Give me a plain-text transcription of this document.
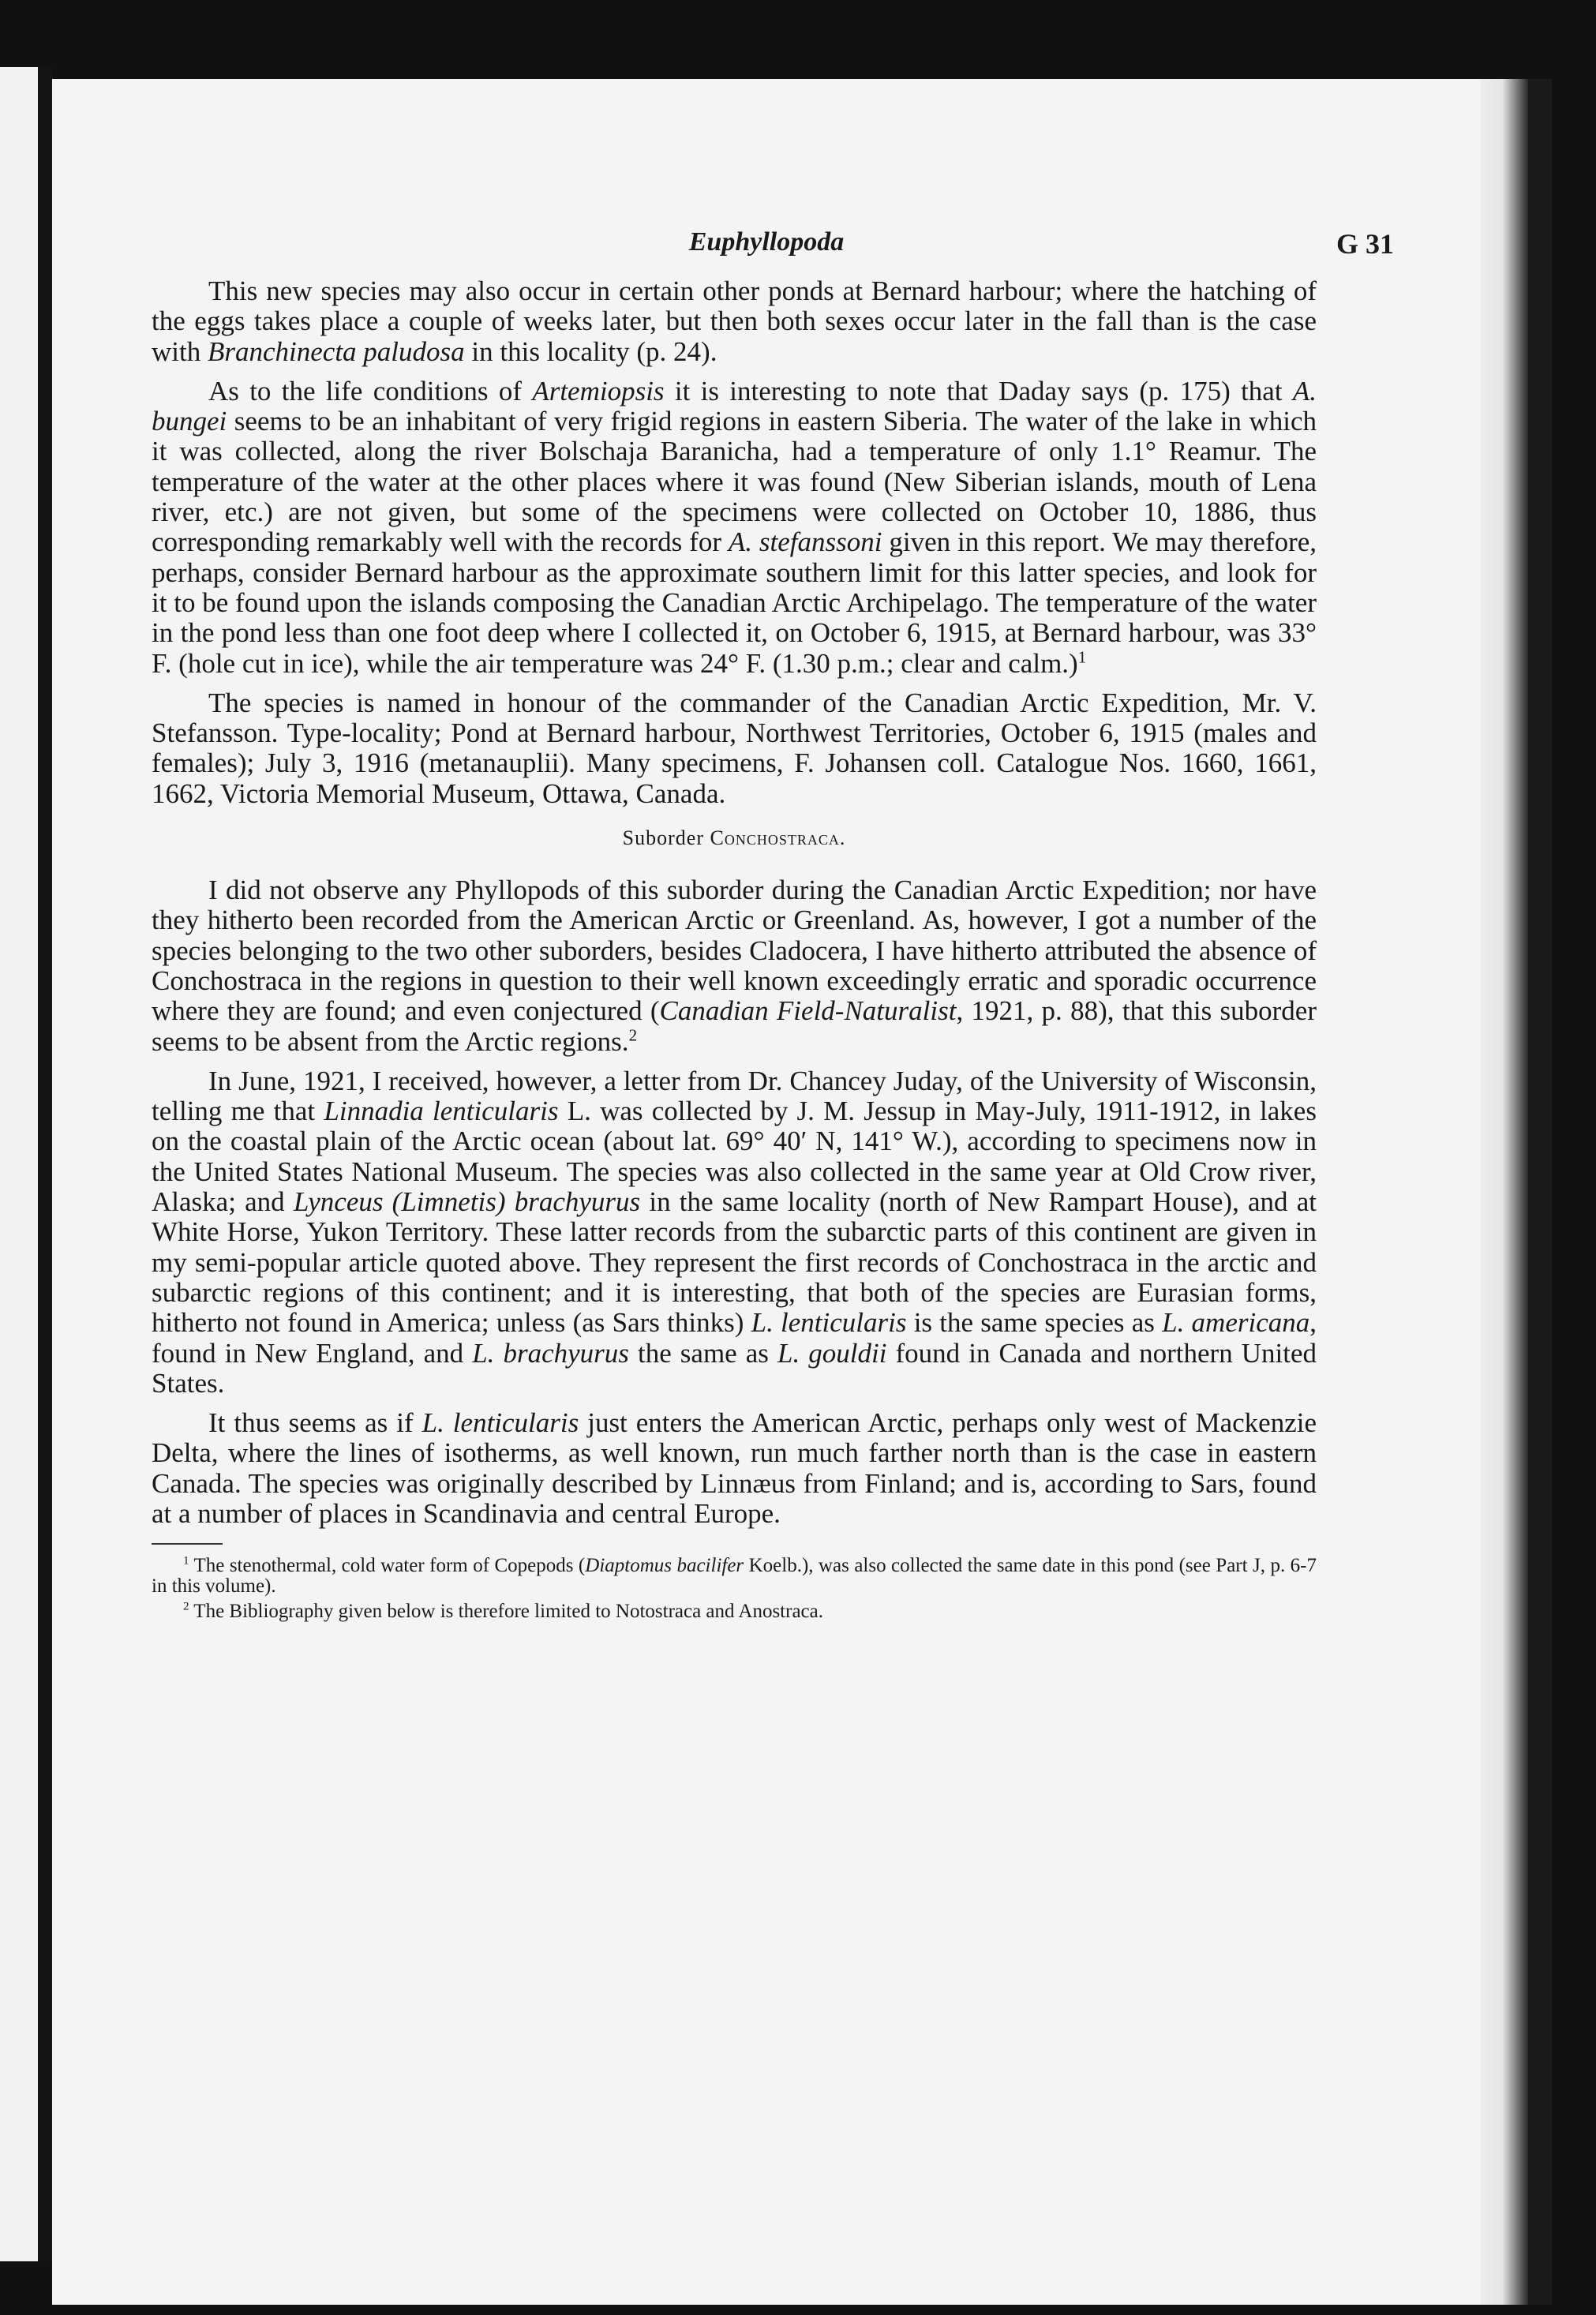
Euphyllopoda	G 31

This new species may also occur in certain other ponds at Bernard harbour; where the hatching of the eggs takes place a couple of weeks later, but then both sexes occur later in the fall than is the case with Branchinecta paludosa in this locality (p. 24).

As to the life conditions of Artemiopsis it is interesting to note that Daday says (p. 175) that A. bungei seems to be an inhabitant of very frigid regions in eastern Siberia. The water of the lake in which it was collected, along the river Bolschaja Baranicha, had a temperature of only 1.1° Reamur. The temperature of the water at the other places where it was found (New Siberian islands, mouth of Lena river, etc.) are not given, but some of the specimens were collected on October 10, 1886, thus corresponding remarkably well with the records for A. stefanssoni given in this report. We may therefore, perhaps, consider Bernard harbour as the approximate southern limit for this latter species, and look for it to be found upon the islands composing the Canadian Arctic Archipelago. The temperature of the water in the pond less than one foot deep where I collected it, on October 6, 1915, at Bernard harbour, was 33° F. (hole cut in ice), while the air temperature was 24° F. (1.30 p.m.; clear and calm.)$^1$

The species is named in honour of the commander of the Canadian Arctic Expedition, Mr. V. Stefansson. Type-locality; Pond at Bernard harbour, Northwest Territories, October 6, 1915 (males and females); July 3, 1916 (metanauplii). Many specimens, F. Johansen coll. Catalogue Nos. 1660, 1661, 1662, Victoria Memorial Museum, Ottawa, Canada.

Suborder Conchostraca.

I did not observe any Phyllopods of this suborder during the Canadian Arctic Expedition; nor have they hitherto been recorded from the American Arctic or Greenland. As, however, I got a number of the species belonging to the two other suborders, besides Cladocera, I have hitherto attributed the absence of Conchostraca in the regions in question to their well known exceedingly erratic and sporadic occurrence where they are found; and even conjectured (Canadian Field-Naturalist, 1921, p. 88), that this suborder seems to be absent from the Arctic regions.$^2$

In June, 1921, I received, however, a letter from Dr. Chancey Juday, of the University of Wisconsin, telling me that Linnadia lenticularis L. was collected by J. M. Jessup in May-July, 1911-1912, in lakes on the coastal plain of the Arctic ocean (about lat. 69° 40′ N, 141° W.), according to specimens now in the United States National Museum. The species was also collected in the same year at Old Crow river, Alaska; and Lynceus (Limnetis) brachyurus in the same locality (north of New Rampart House), and at White Horse, Yukon Territory. These latter records from the subarctic parts of this continent are given in my semi-popular article quoted above. They represent the first records of Conchostraca in the arctic and subarctic regions of this continent; and it is interesting, that both of the species are Eurasian forms, hitherto not found in America; unless (as Sars thinks) L. lenticularis is the same species as L. americana, found in New England, and L. brachyurus the same as L. gouldii found in Canada and northern United States.

It thus seems as if L. lenticularis just enters the American Arctic, perhaps only west of Mackenzie Delta, where the lines of isotherms, as well known, run much farther north than is the case in eastern Canada. The species was originally described by Linnæus from Finland; and is, according to Sars, found at a number of places in Scandinavia and central Europe.

$^1$ The stenothermal, cold water form of Copepods (Diaptomus bacilifer Koelb.), was also collected the same date in this pond (see Part J, p. 6-7 in this volume).

$^2$ The Bibliography given below is therefore limited to Notostraca and Anostraca.
